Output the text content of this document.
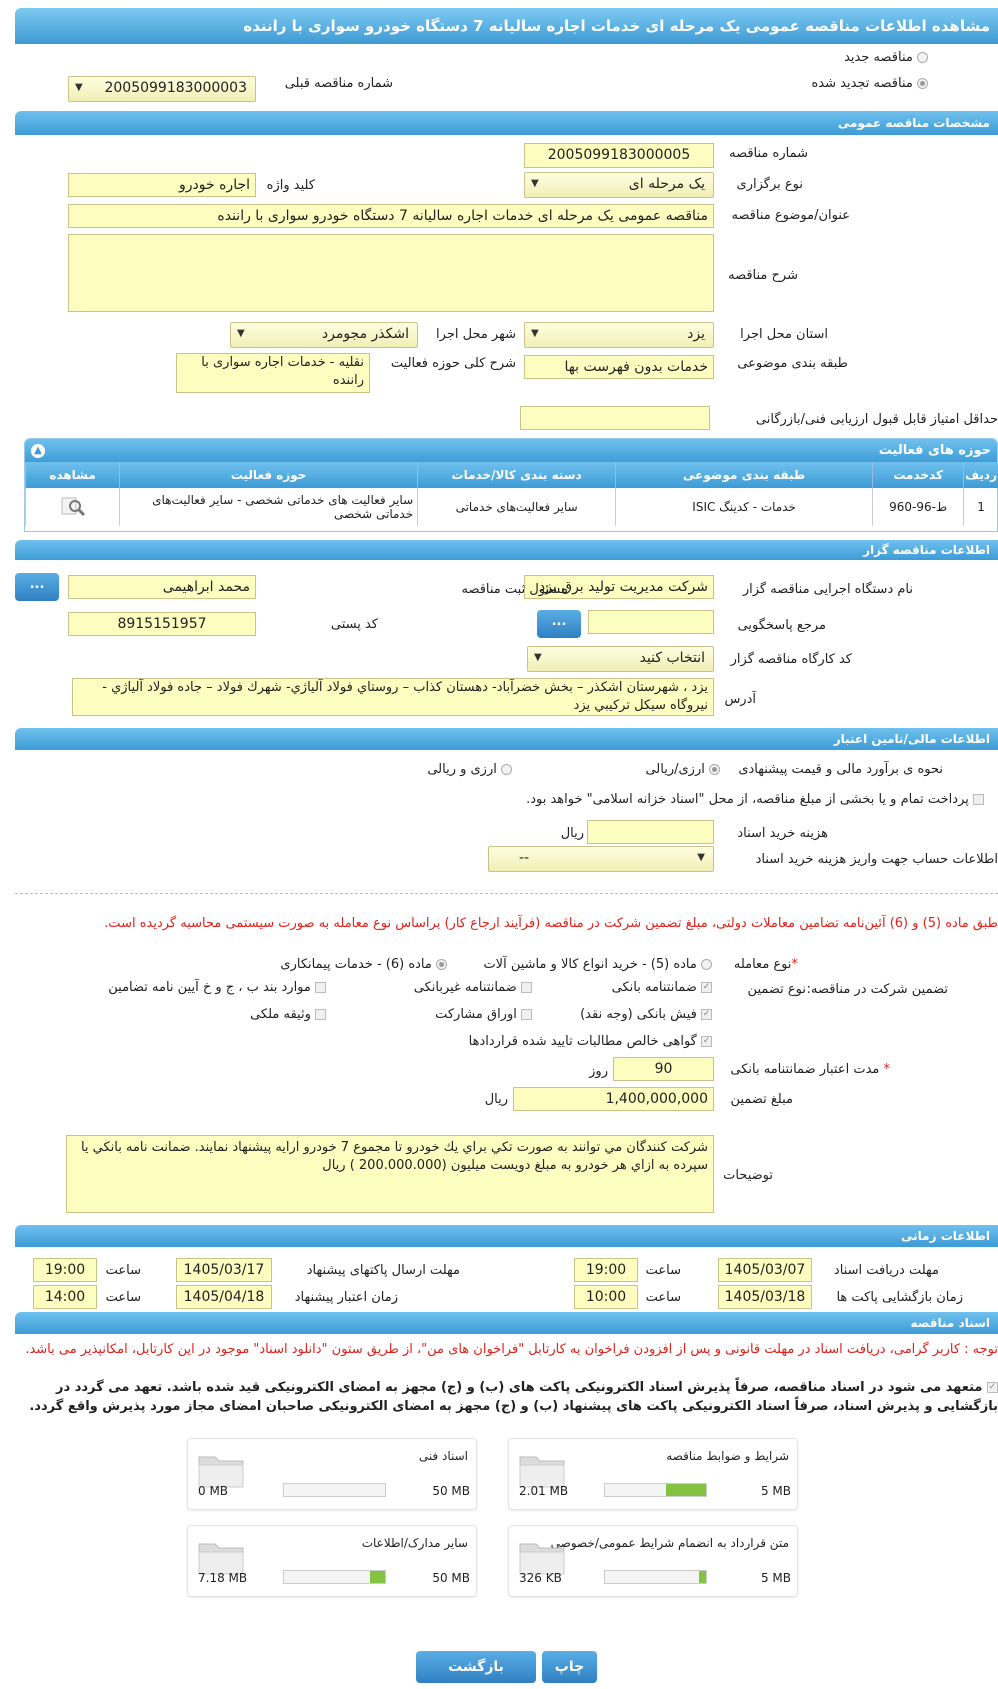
مشاهده اطلاعات مناقصه عمومی یک مرحله ای خدمات اجاره سالیانه 7 دستگاه خودرو سواری با راننده
مناقصه جدید
مناقصه تجدید شده
شماره مناقصه قبلی
2005099183000003
▼
مشخصات مناقصه عمومی
شماره مناقصه
2005099183000005
نوع برگزاری
یک مرحله ای
▼
کلید واژه
اجاره خودرو
عنوان/موضوع مناقصه
مناقصه عمومی یک مرحله ای خدمات اجاره سالیانه 7 دستگاه خودرو سواری با راننده
شرح مناقصه
استان محل اجرا
یزد
▼
شهر محل اجرا
اشکذر مجومرد
▼
طبقه بندی موضوعی
خدمات بدون فهرست بها
شرح کلی حوزه فعالیت
نقلیه - خدمات اجاره سواری با راننده
حداقل امتیاز قابل قبول ارزیابی فنی/بازرگانی
حوزه های فعالیت
▲
ردیف	کدخدمت	طبقه بندی موضوعی	دسته بندی کالا/خدمات	حوزه فعالیت	مشاهده
1	ط-96-960	خدمات - کدینگ ISIC	سایر فعالیت‌های خدماتی	سایر فعالیت های خدماتی شخصی - سایر فعالیت‌های خدماتی شخصی	
اطلاعات مناقصه گزار
نام دستگاه اجرایی مناقصه گزار
شرکت مدیریت تولید برق یزد
مسئول ثبت مناقصه
محمد ابراهیمی
...
مرجع پاسخگویی
...
کد پستی
8915151957
کد کارگاه مناقصه گزار
انتخاب کنید
▼
آدرس
یزد ، شهرستان اشکذر – بخش خضرآباد- دهستان کذاب – روستاي فولاد آلياژي- شهرك فولاد – جاده فولاد آلياژي - نيروگاه سيکل ترکيبي يزد
اطلاعات مالی/تامین اعتبار
نحوه ی برآورد مالی و قیمت پیشنهادی
ارزی/ریالی
ارزی و ریالی
پرداخت تمام و یا بخشی از مبلغ مناقصه، از محل "اسناد خزانه اسلامی" خواهد بود.
هزینه خرید اسناد
ریال
اطلاعات حساب جهت واریز هزینه خرید اسناد
--	▼
طبق ماده (5) و (6) آئین‌نامه تضامین معاملات دولتی، مبلغ تضمین شرکت در مناقصه (فرآیند ارجاع کار) براساس نوع معامله به صورت سیستمی محاسبه گردیده است.
*نوع معامله
ماده (5) - خرید انواع کالا و ماشین آلات
ماده (6) - خدمات پیمانکاری
تضمین شرکت در مناقصه:
نوع تضمین
✓ ضمانتنامه بانکی
ضمانتنامه غیربانکی
موارد بند ب ، ج و خ آیین نامه تضامین
✓ فیش بانکی (وجه نقد)
اوراق مشارکت
وثیقه ملکی
✓ گواهی خالص مطالبات تایید شده قراردادها
* مدت اعتبار ضمانتنامه بانکی
90
روز
مبلغ تضمین
1,400,000,000
ریال
توضیحات
شرکت کنندگان مي توانند به صورت تكي براي يك خودرو تا مجموع 7 خودرو ارايه پيشنهاد نمايند. ضمانت نامه بانكي يا سپرده به ازاي هر خودرو به مبلغ دويست ميليون (200.000.000 ) ريال
اطلاعات زمانی
مهلت دریافت اسناد
1405/03/07
ساعت
19:00
مهلت ارسال پاکتهای پیشنهاد
1405/03/17
ساعت
19:00
زمان بازگشایی پاکت ها
1405/03/18
ساعت
10:00
زمان اعتبار پیشنهاد
1405/04/18
ساعت
14:00
اسناد مناقصه
توجه : کاربر گرامی، دریافت اسناد در مهلت قانونی و پس از افزودن فراخوان به کارتابل "فراخوان های من"، از طریق ستون "دانلود اسناد" موجود در این کارتابل، امکانپذیر می باشد.
✓ متعهد می شود در اسناد مناقصه، صرفاً پذیرش اسناد الکترونیکی پاکت های (ب) و (ج) مجهز به امضای الکترونیکی قید شده باشد. تعهد می گردد در بازگشایی و پذیرش اسناد، صرفاً اسناد الکترونیکی پاکت های پیشنهاد (ب) و (ج) مجهز به امضای الکترونیکی صاحبان امضای مجاز مورد پذیرش واقع گردد.
شرایط و ضوابط مناقصه
5 MB
2.01 MB
اسناد فنی
50 MB
0 MB
متن قرارداد به انضمام شرایط عمومی/خصوصی
5 MB
326 KB
سایر مدارک/اطلاعات
50 MB
7.18 MB
چاپ
بازگشت
